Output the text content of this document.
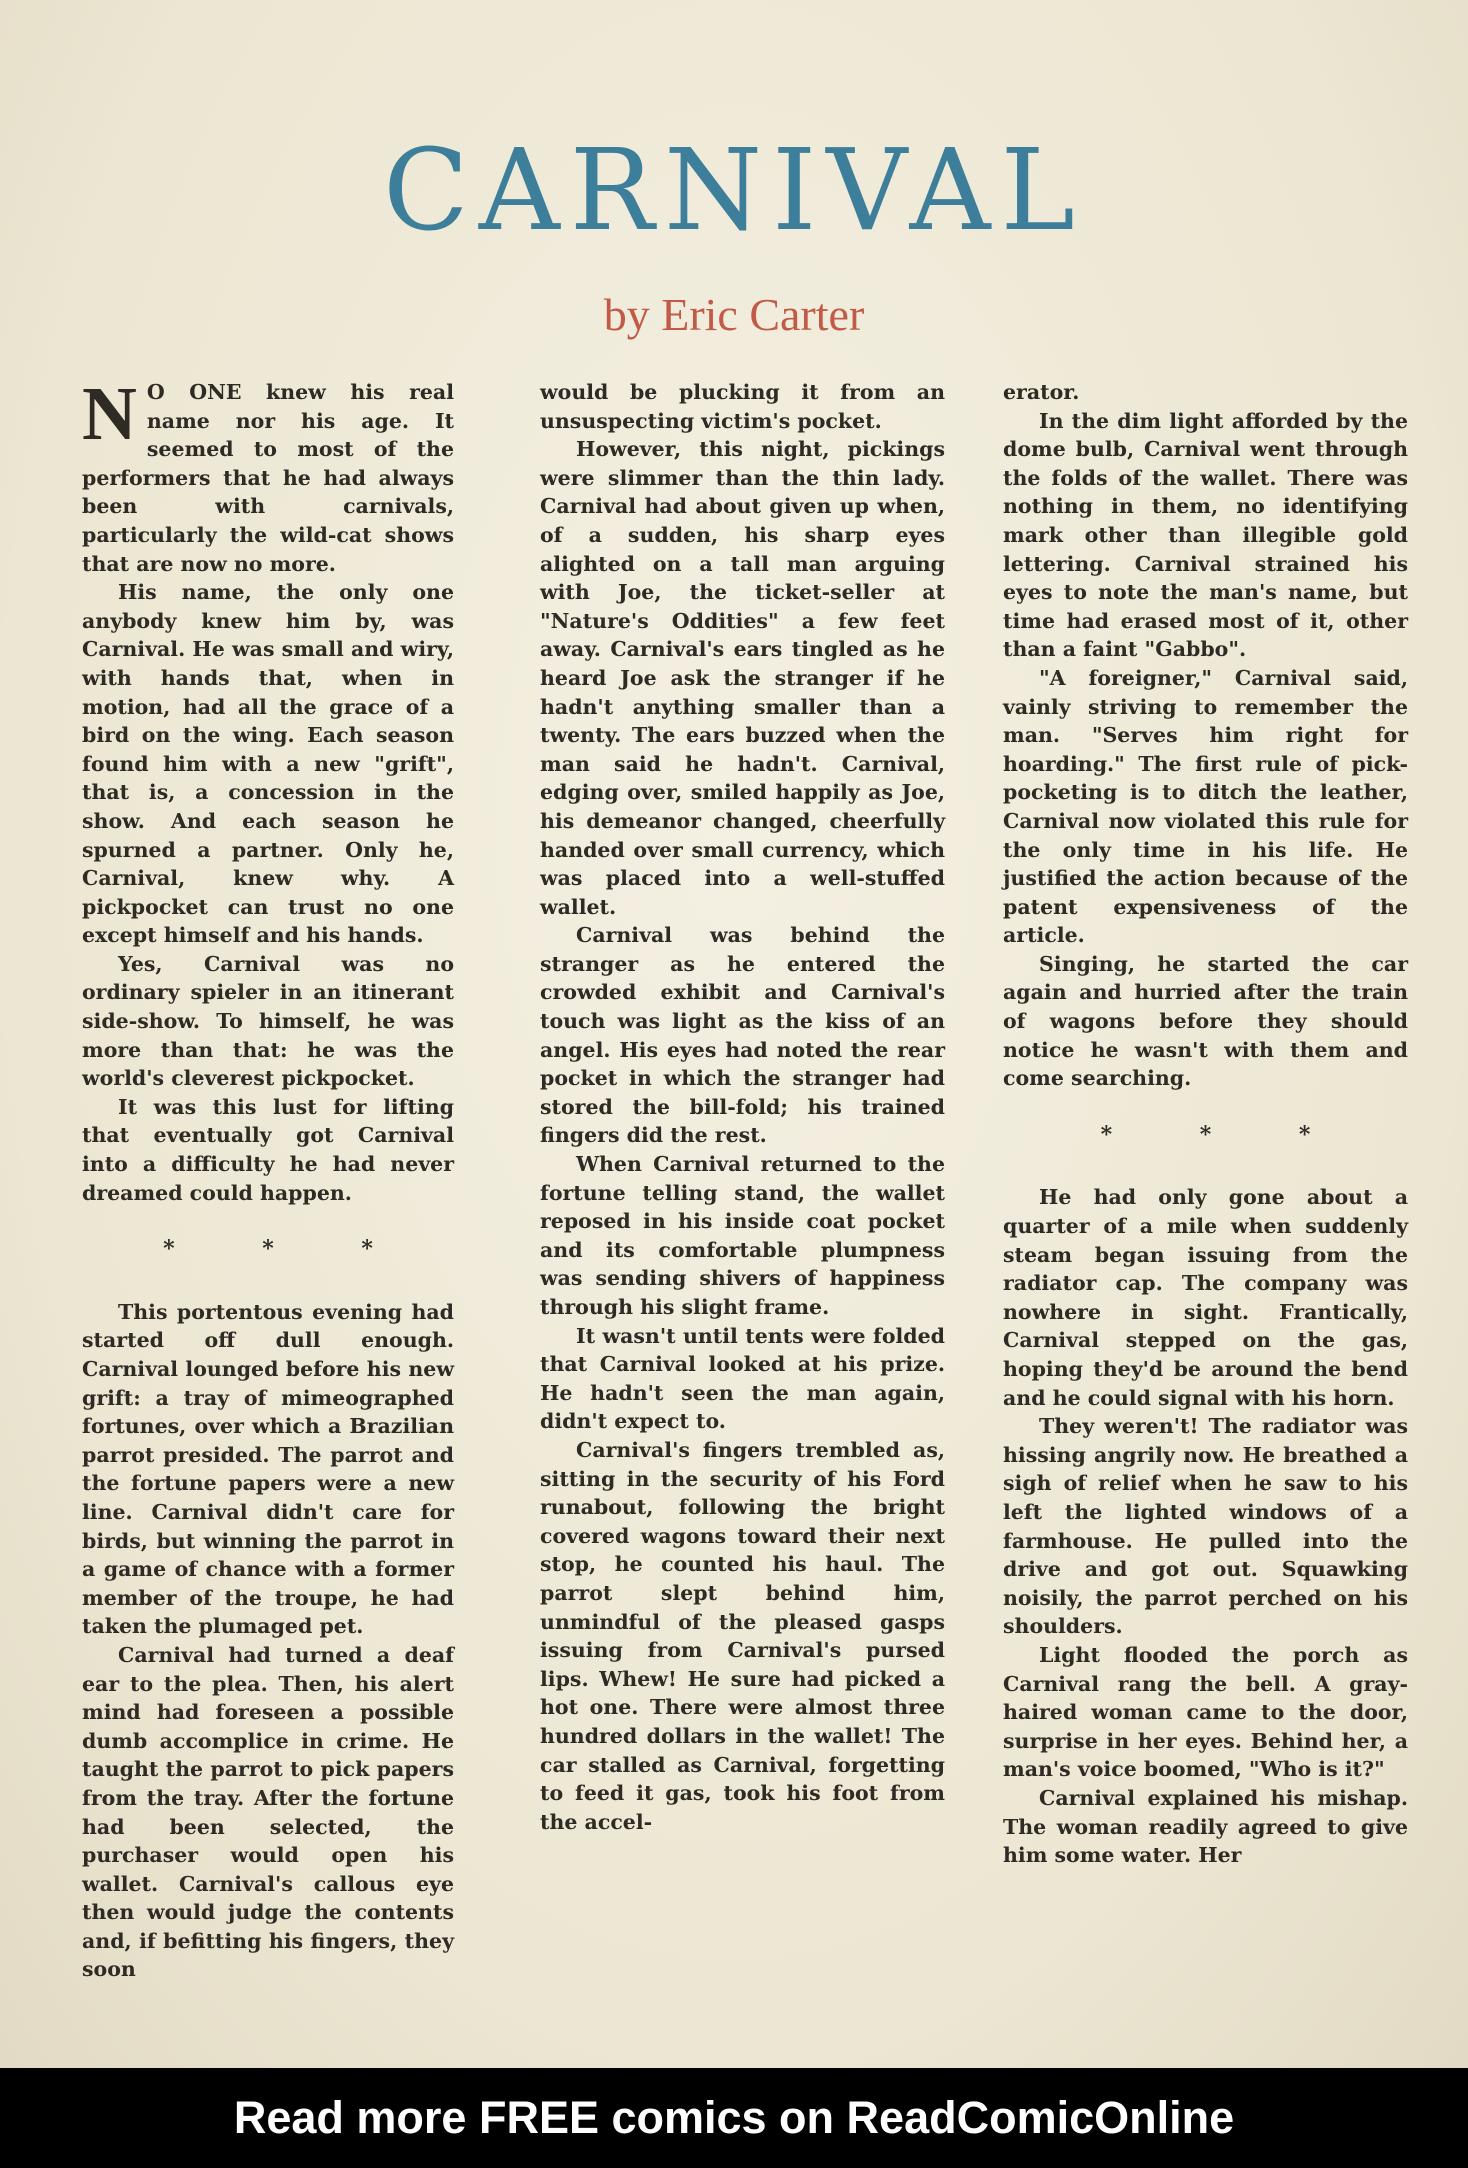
CARNIVAL
by Eric Carter

N O ONE knew his real name nor his age. It seemed to most of the performers that he had always been with carnivals, particularly the wild-cat shows that are now no more.

His name, the only one anybody knew him by, was Carnival. He was small and wiry, with hands that, when in motion, had all the grace of a bird on the wing. Each season found him with a new "grift", that is, a concession in the show. And each season he spurned a partner. Only he, Carnival, knew why. A pickpocket can trust no one except himself and his hands.

Yes, Carnival was no ordinary spieler in an itinerant side-show. To himself, he was more than that: he was the world's cleverest pickpocket.

It was this lust for lifting that eventually got Carnival into a difficulty he had never dreamed could happen.

* * *

This portentous evening had started off dull enough. Carnival lounged before his new grift: a tray of mimeographed fortunes, over which a Brazilian parrot presided. The parrot and the fortune papers were a new line. Carnival didn't care for birds, but winning the parrot in a game of chance with a former member of the troupe, he had taken the plumaged pet.

Carnival had turned a deaf ear to the plea. Then, his alert mind had foreseen a possible dumb accomplice in crime. He taught the parrot to pick papers from the tray. After the fortune had been selected, the purchaser would open his wallet. Carnival's callous eye then would judge the contents and, if befitting his fingers, they soon

would be plucking it from an unsuspecting victim's pocket.

However, this night, pickings were slimmer than the thin lady. Carnival had about given up when, of a sudden, his sharp eyes alighted on a tall man arguing with Joe, the ticket-seller at "Nature's Oddities" a few feet away. Carnival's ears tingled as he heard Joe ask the stranger if he hadn't anything smaller than a twenty. The ears buzzed when the man said he hadn't. Carnival, edging over, smiled happily as Joe, his demeanor changed, cheerfully handed over small currency, which was placed into a well-stuffed wallet.

Carnival was behind the stranger as he entered the crowded exhibit and Carnival's touch was light as the kiss of an angel. His eyes had noted the rear pocket in which the stranger had stored the bill-fold; his trained fingers did the rest.

When Carnival returned to the fortune telling stand, the wallet reposed in his inside coat pocket and its comfortable plumpness was sending shivers of happiness through his slight frame.

It wasn't until tents were folded that Carnival looked at his prize. He hadn't seen the man again, didn't expect to.

Carnival's fingers trembled as, sitting in the security of his Ford runabout, following the bright covered wagons toward their next stop, he counted his haul. The parrot slept behind him, unmindful of the pleased gasps issuing from Carnival's pursed lips. Whew! He sure had picked a hot one. There were almost three hundred dollars in the wallet! The car stalled as Carnival, forgetting to feed it gas, took his foot from the accel-

erator.

In the dim light afforded by the dome bulb, Carnival went through the folds of the wallet. There was nothing in them, no identifying mark other than illegible gold lettering. Carnival strained his eyes to note the man's name, but time had erased most of it, other than a faint "Gabbo".

"A foreigner," Carnival said, vainly striving to remember the man. "Serves him right for hoarding." The first rule of pick-pocketing is to ditch the leather, Carnival now violated this rule for the only time in his life. He justified the action because of the patent expensiveness of the article.

Singing, he started the car again and hurried after the train of wagons before they should notice he wasn't with them and come searching.

* * *

He had only gone about a quarter of a mile when suddenly steam began issuing from the radiator cap. The company was nowhere in sight. Frantically, Carnival stepped on the gas, hoping they'd be around the bend and he could signal with his horn.

They weren't! The radiator was hissing angrily now. He breathed a sigh of relief when he saw to his left the lighted windows of a farmhouse. He pulled into the drive and got out. Squawking noisily, the parrot perched on his shoulders.

Light flooded the porch as Carnival rang the bell. A gray-haired woman came to the door, surprise in her eyes. Behind her, a man's voice boomed, "Who is it?"

Carnival explained his mishap. The woman readily agreed to give him some water. Her

Read more FREE comics on ReadComicOnline
